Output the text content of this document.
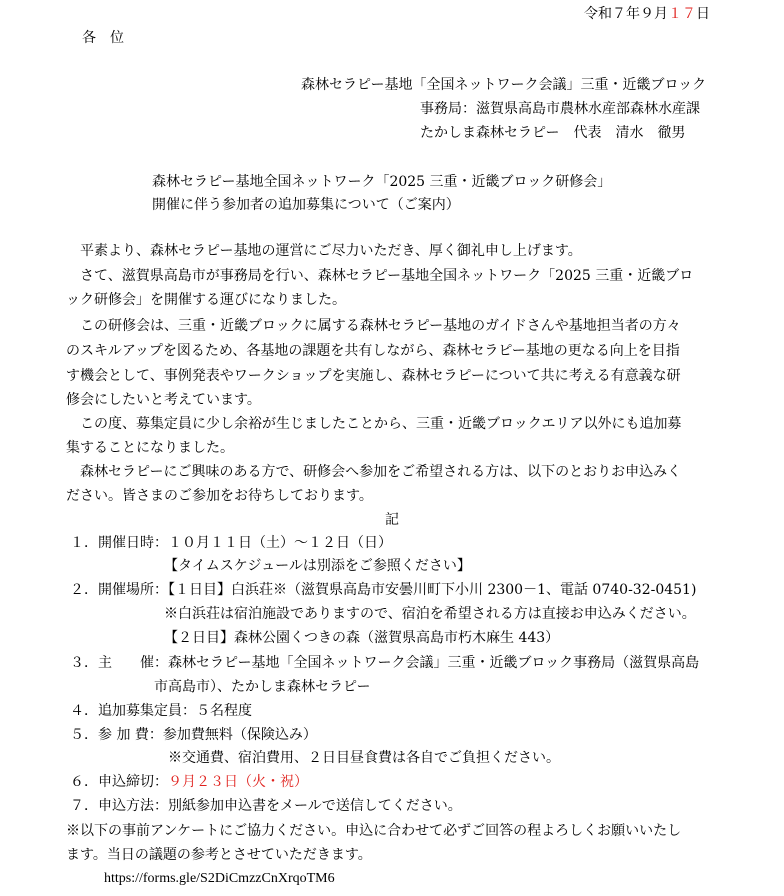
令和７年９月１７日
各　位
森林セラピー基地「全国ネットワーク会議」三重・近畿ブロック
事務局：滋賀県高島市農林水産部森林水産課
たかしま森林セラピー　代表　清水　徹男
森林セラピー基地全国ネットワーク「2025 三重・近畿ブロック研修会」
開催に伴う参加者の追加募集について（ご案内）
平素より、森林セラピー基地の運営にご尽力いただき、厚く御礼申し上げます。
さて、滋賀県高島市が事務局を行い、森林セラピー基地全国ネットワーク「2025 三重・近畿ブロ
ック研修会」を開催する運びになりました。
この研修会は、三重・近畿ブロックに属する森林セラピー基地のガイドさんや基地担当者の方々
のスキルアップを図るため、各基地の課題を共有しながら、森林セラピー基地の更なる向上を目指
す機会として、事例発表やワークショップを実施し、森林セラピーについて共に考える有意義な研
修会にしたいと考えています。
この度、募集定員に少し余裕が生じましたことから、三重・近畿ブロックエリア以外にも追加募
集することになりました。
森林セラピーにご興味のある方で、研修会へ参加をご希望される方は、以下のとおりお申込みく
ださい。皆さまのご参加をお待ちしております。
記
１．開催日時：１０月１１日（土）～１２日（日）
【タイムスケジュールは別添をご参照ください】
２．開催場所：【１日目】白浜荘※（滋賀県高島市安曇川町下小川 2300－1、電話 0740-32-0451)
※白浜荘は宿泊施設でありますので、宿泊を希望される方は直接お申込みください。
【２日目】森林公園くつきの森（滋賀県高島市朽木麻生 443）
３．主　　催：森林セラピー基地「全国ネットワーク会議」三重・近畿ブロック事務局（滋賀県高島
市高島市）、たかしま森林セラピー
４．追加募集定員：５名程度
５．参 加 費：参加費無料（保険込み）
※交通費、宿泊費用、２日目昼食費は各自でご負担ください。
６．申込締切：９月２３日（火・祝）
７．申込方法：別紙参加申込書をメールで送信してください。
※以下の事前アンケートにご協力ください。申込に合わせて必ずご回答の程よろしくお願いいたし
ます。当日の議題の参考とさせていただきます。
https://forms.gle/S2DiCmzzCnXrqoTM6
